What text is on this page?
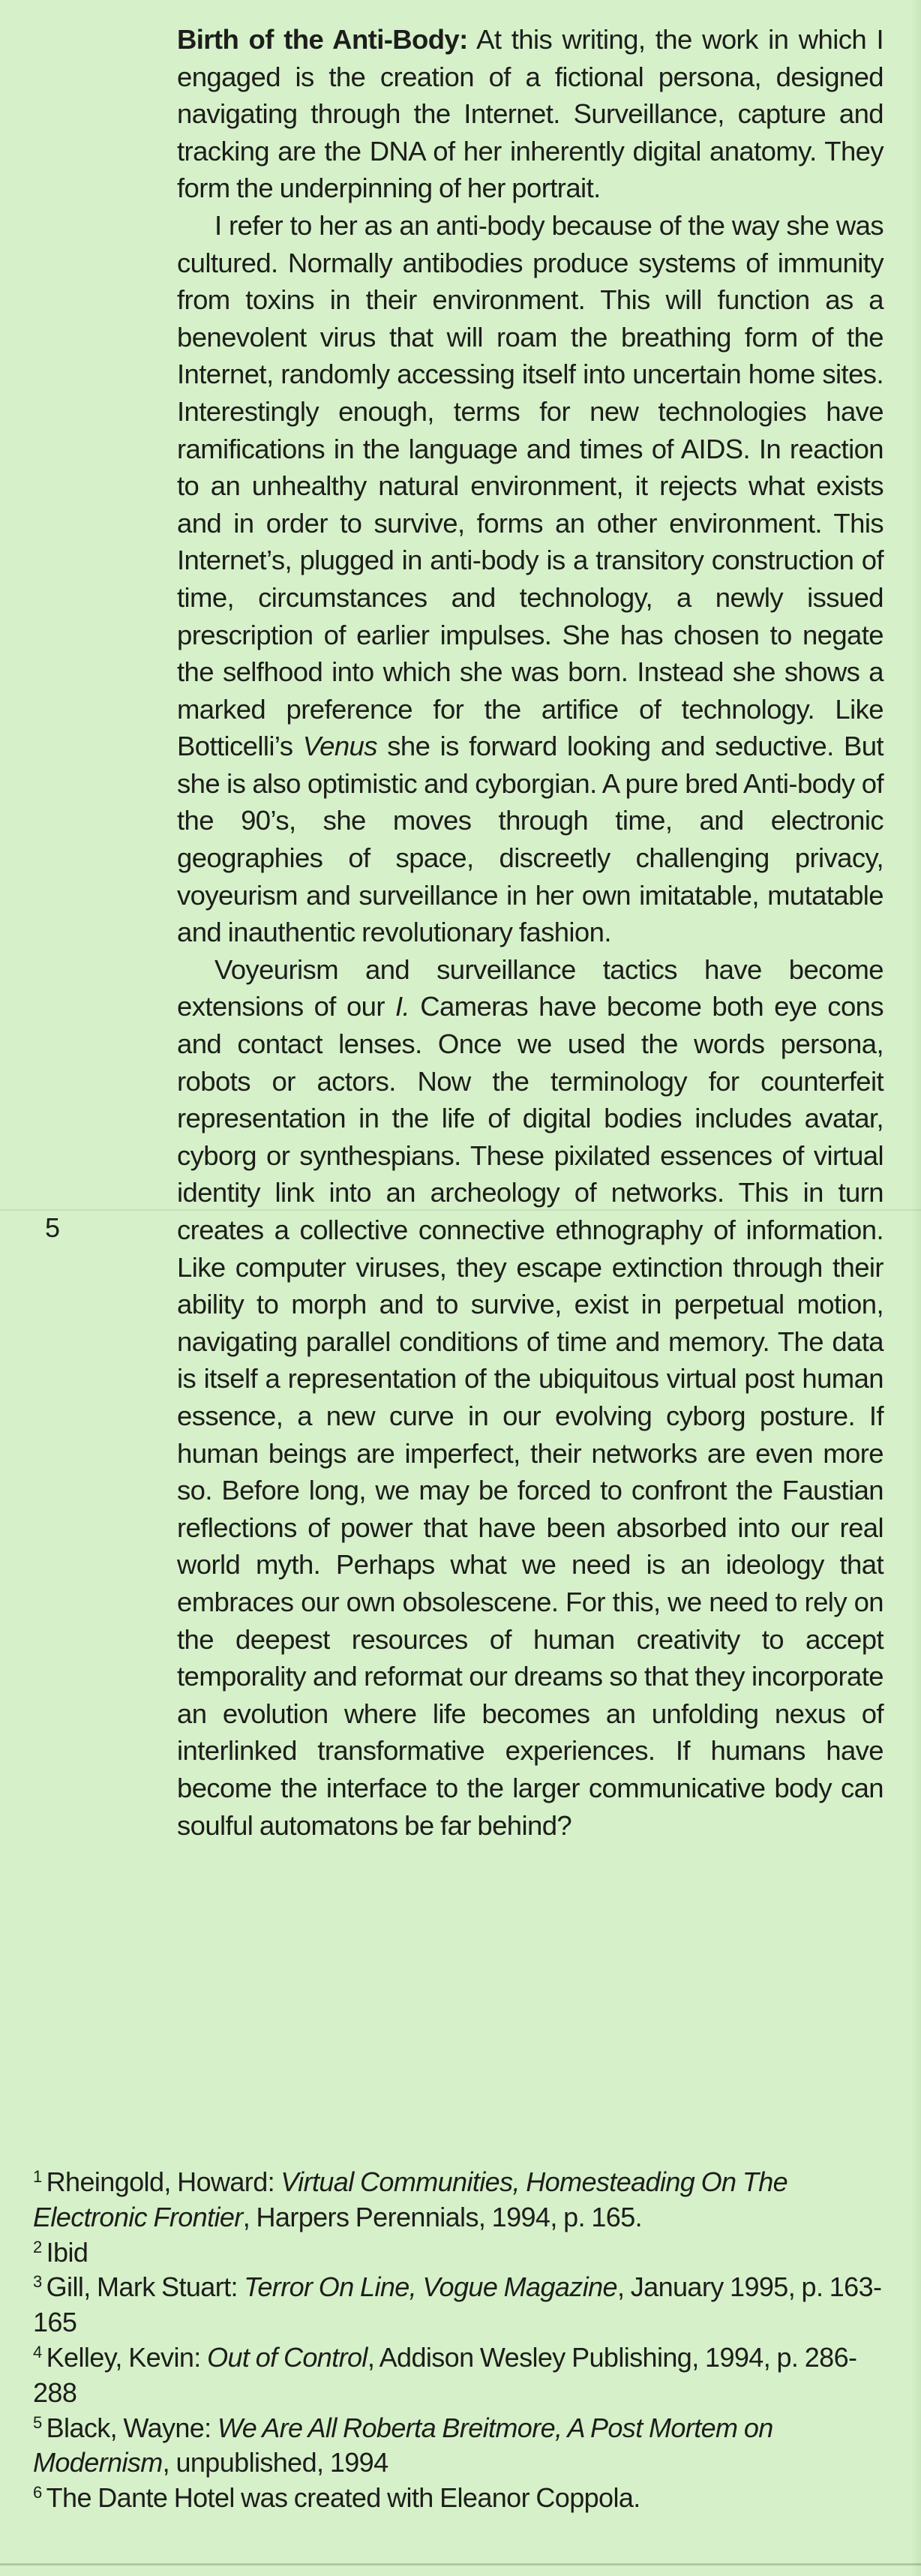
Birth of the Anti-Body: At this writing, the work in which I engaged is the creation of a fictional persona, designed navigating through the Internet. Surveillance, capture and tracking are the DNA of her inherently digital anatomy. They form the underpinning of her portrait.

I refer to her as an anti-body because of the way she was cultured. Normally antibodies produce systems of immunity from toxins in their environment. This will function as a benevolent virus that will roam the breathing form of the Internet, randomly accessing itself into uncertain home sites. Interestingly enough, terms for new technologies have ramifications in the language and times of AIDS. In reaction to an unhealthy natural environment, it rejects what exists and in order to survive, forms an other environment. This Internet’s, plugged in anti-body is a transitory construction of time, circumstances and technology, a newly issued prescription of earlier impulses. She has chosen to negate the selfhood into which she was born. Instead she shows a marked preference for the artifice of technology. Like Botticelli’s Venus she is forward looking and seductive. But she is also optimistic and cyborgian. A pure bred Anti-body of the 90’s, she moves through time, and electronic geographies of space, discreetly challenging privacy, voyeurism and surveillance in her own imitatable, mutatable and inauthentic revolutionary fashion.

Voyeurism and surveillance tactics have become extensions of our I. Cameras have become both eye cons and contact lenses. Once we used the words persona, robots or actors. Now the terminology for counterfeit representation in the life of digital bodies includes avatar, cyborg or synthespians. These pixilated essences of virtual identity link into an archeology of networks. This in turn creates a collective connective ethnography of information. Like computer viruses, they escape extinction through their ability to morph and to survive, exist in perpetual motion, navigating parallel conditions of time and memory. The data is itself a representation of the ubiquitous virtual post human essence, a new curve in our evolving cyborg posture. If human beings are imperfect, their networks are even more so. Before long, we may be forced to confront the Faustian reflections of power that have been absorbed into our real world myth. Perhaps what we need is an ideology that embraces our own obsolescene. For this, we need to rely on the deepest resources of human creativity to accept temporality and reformat our dreams so that they incorporate an evolution where life becomes an unfolding nexus of interlinked transformative experiences. If humans have become the interface to the larger communicative body can soulful automatons be far behind?

5

$^1$ Rheingold, Howard: Virtual Communities, Homesteading On The Electronic Frontier, Harpers Perennials, 1994, p. 165.

$^2$ Ibid

$^3$ Gill, Mark Stuart: Terror On Line, Vogue Magazine, January 1995, p. 163-165

$^4$ Kelley, Kevin: Out of Control, Addison Wesley Publishing, 1994, p. 286-288

$^5$ Black, Wayne: We Are All Roberta Breitmore, A Post Mortem on Modernism, unpublished, 1994

$^6$ The Dante Hotel was created with Eleanor Coppola.
